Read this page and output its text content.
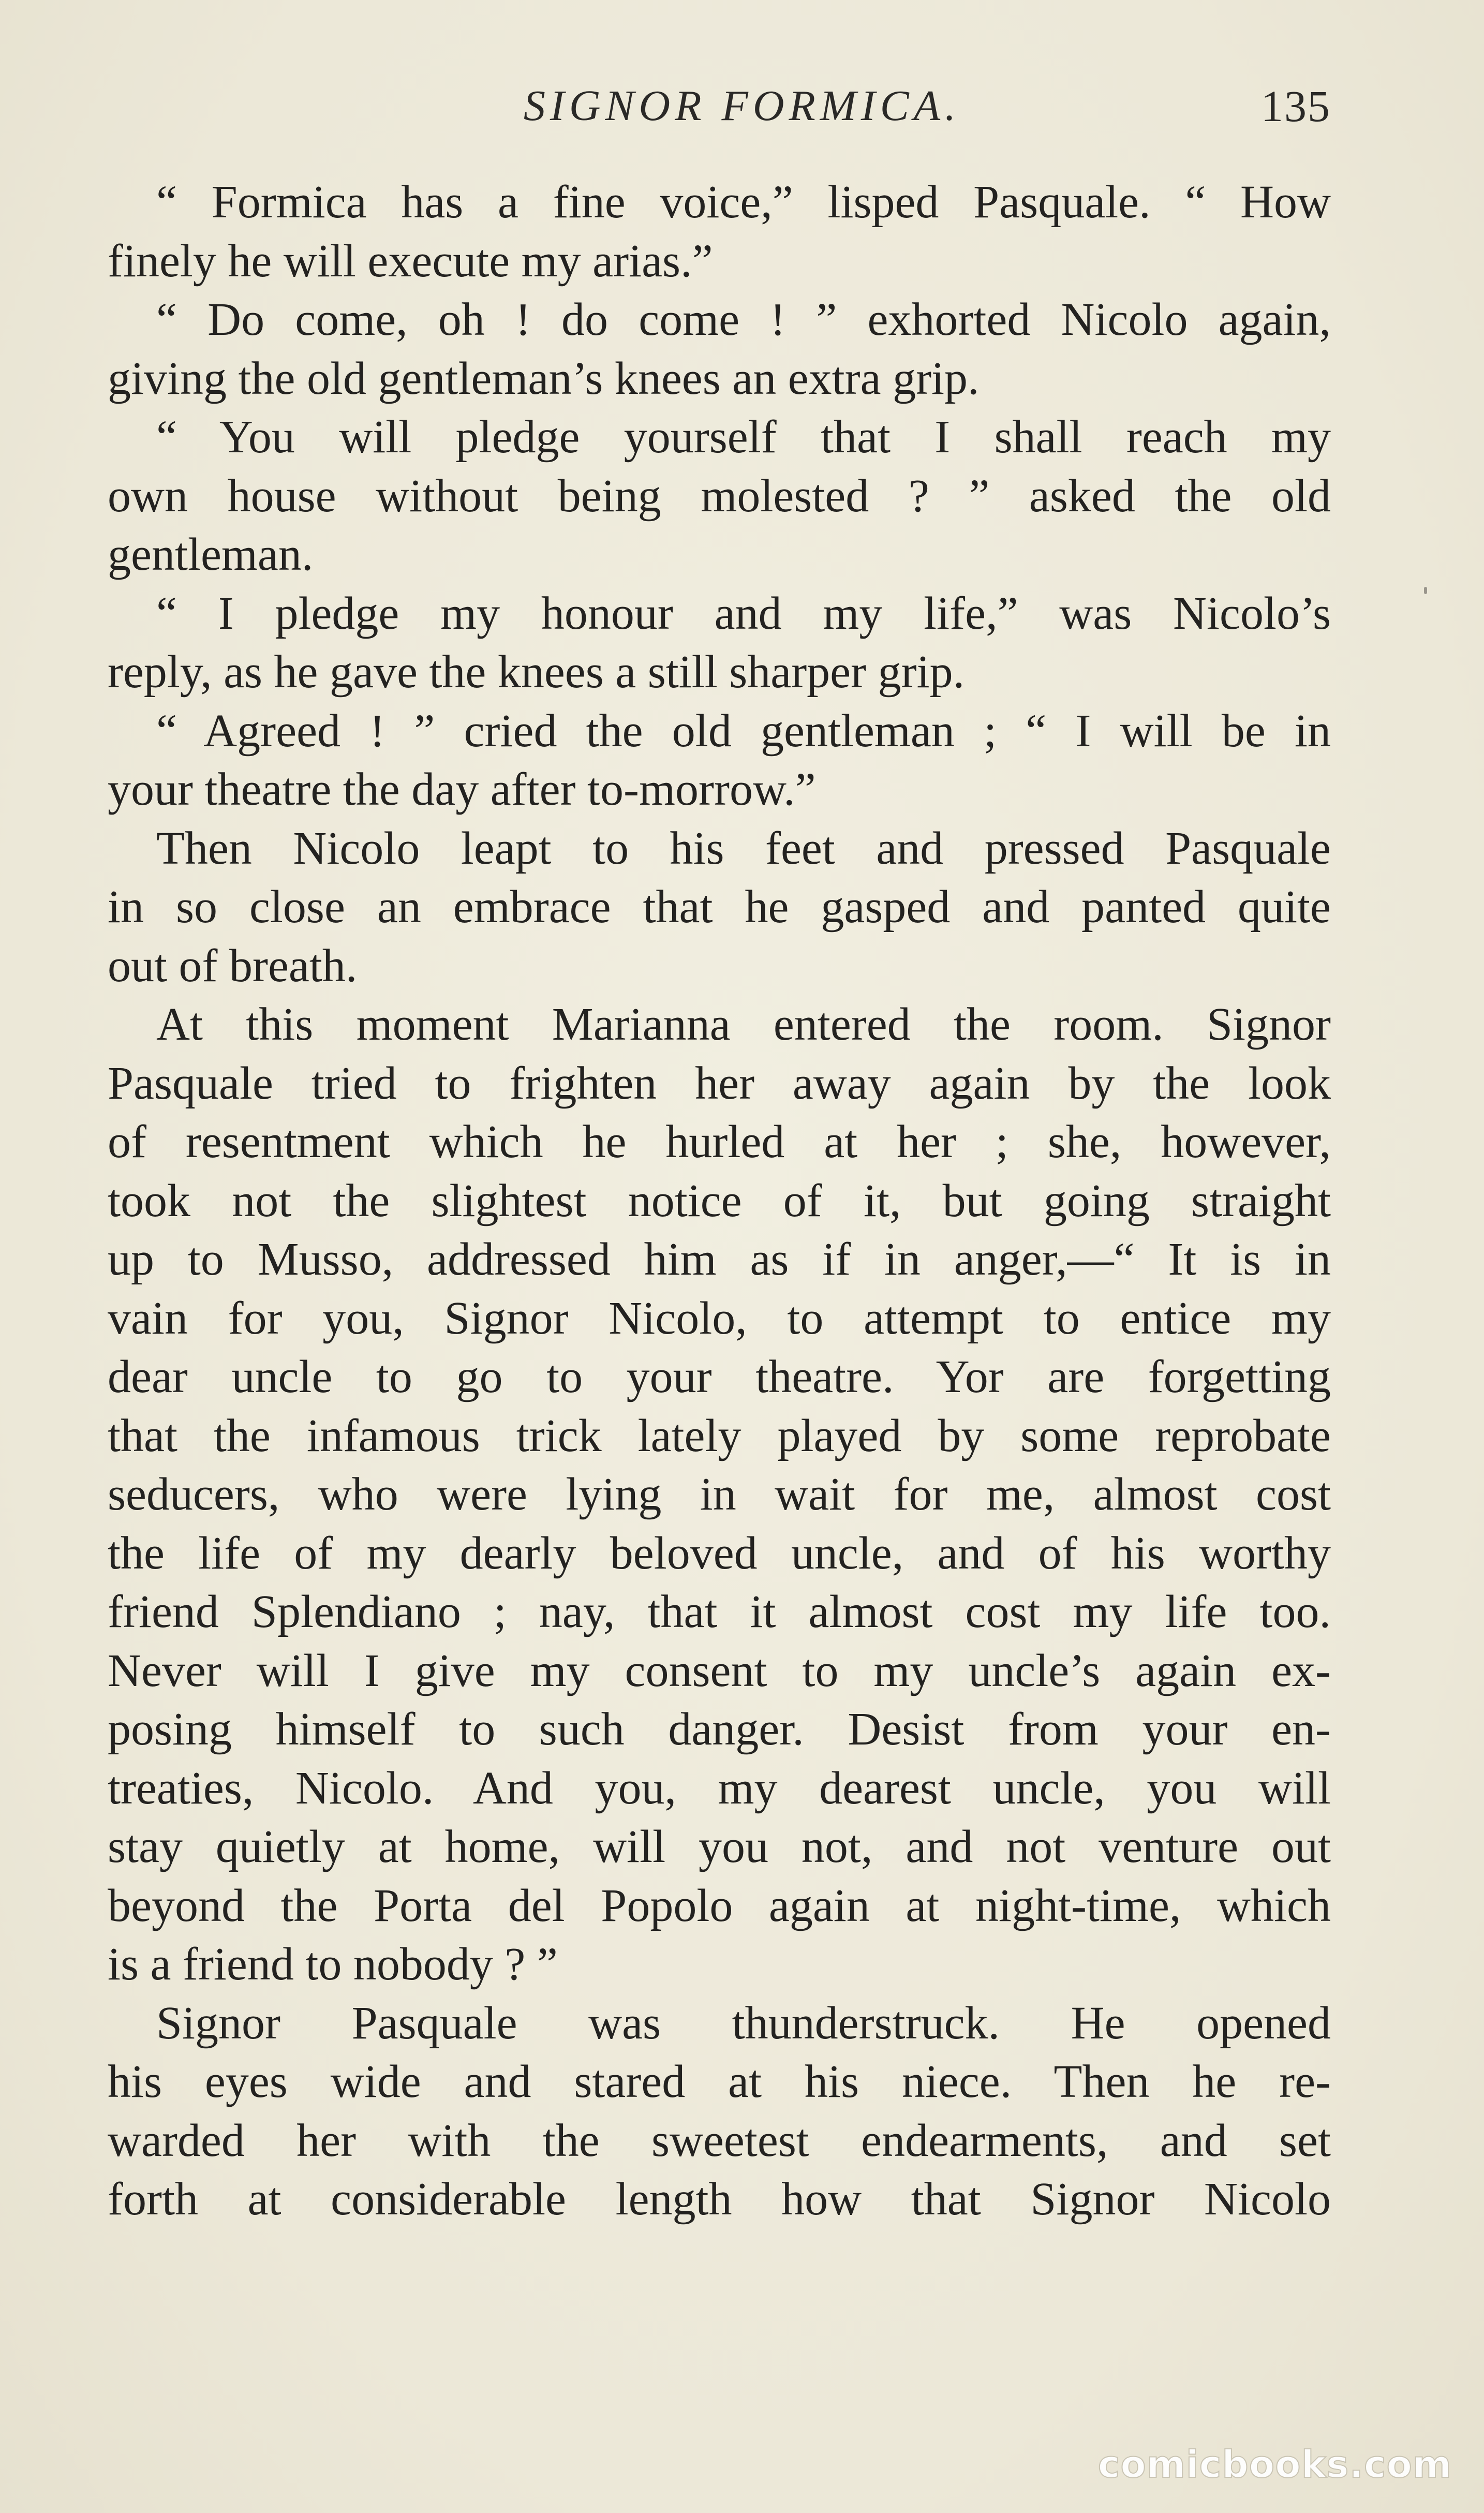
SIGNOR FORMICA.	135

“ Formica has a fine voice,” lisped Pasquale. “ How
finely he will execute my arias.”

“ Do come, oh ! do come ! ” exhorted Nicolo again,
giving the old gentleman’s knees an extra grip.

“ You will pledge yourself that I shall reach my
own house without being molested ? ” asked the old
gentleman.

“ I pledge my honour and my life,” was Nicolo’s
reply, as he gave the knees a still sharper grip.

“ Agreed ! ” cried the old gentleman ; “ I will be in
your theatre the day after to-morrow.”

Then Nicolo leapt to his feet and pressed Pasquale
in so close an embrace that he gasped and panted quite
out of breath.

At this moment Marianna entered the room. Signor
Pasquale tried to frighten her away again by the look
of resentment which he hurled at her ; she, however,
took not the slightest notice of it, but going straight
up to Musso, addressed him as if in anger,—“ It is in
vain for you, Signor Nicolo, to attempt to entice my
dear uncle to go to your theatre. Yor are forgetting
that the infamous trick lately played by some reprobate
seducers, who were lying in wait for me, almost cost
the life of my dearly beloved uncle, and of his worthy
friend Splendiano ; nay, that it almost cost my life too.
Never will I give my consent to my uncle’s again ex-
posing himself to such danger. Desist from your en-
treaties, Nicolo. And you, my dearest uncle, you will
stay quietly at home, will you not, and not venture out
beyond the Porta del Popolo again at night-time, which
is a friend to nobody ? ”

Signor Pasquale was thunderstruck. He opened
his eyes wide and stared at his niece. Then he re-
warded her with the sweetest endearments, and set
forth at considerable length how that Signor Nicolo

comicbooks.com
